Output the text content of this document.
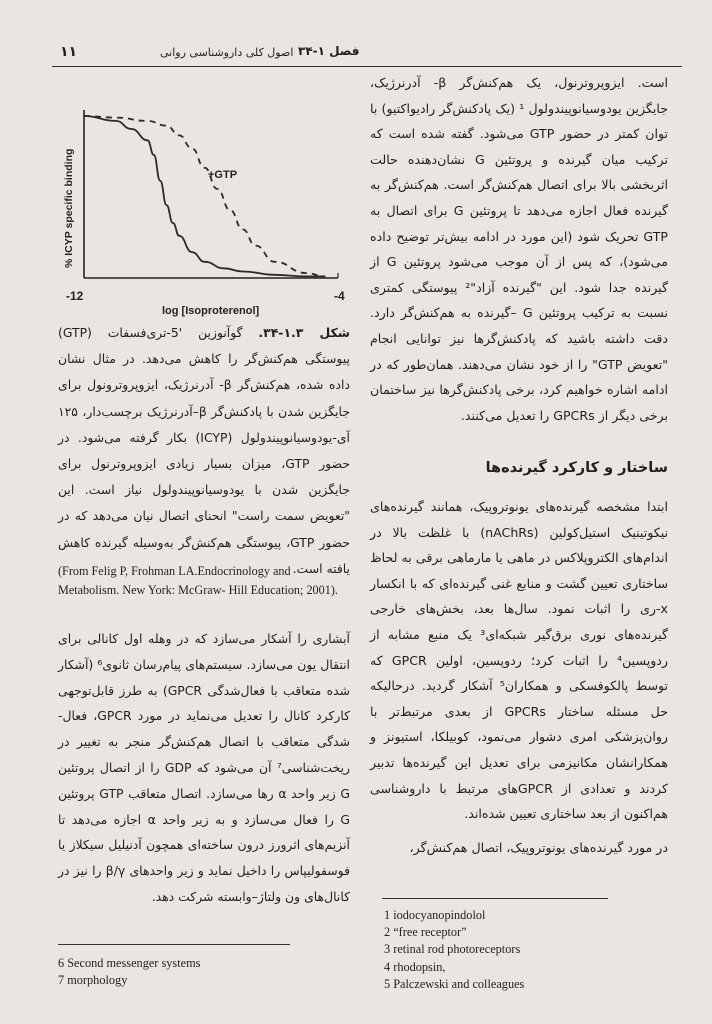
۱۱	اصول کلی داروشناسی روانی فصل ۱-۳۴
+GTP
-12	-4
log [Isoproterenol]
% ICYP specific binding

شکل ۱.۳-۳۴. گوآنوزین ‎5'‎-تری‌فسفات (GTP) پیوستگی هم‌کنش‌گر را کاهش می‌دهد. در مثال نشان داده شده، هم‌کنش‌گر β- آدرنرژیک، ایزوپروترونول برای جایگزین شدن با پادکنش‌گر β–آدرنرژیک برچسب‌دار، ۱۲۵ آی-یودوسیانوپیندولول (ICYP) بکار گرفته می‌شود. در حضور GTP، میزان بسیار زیادی ایزوپروترنول برای جایگزین شدن با یودوسیانوپیندولول نیاز است. این "تعویض سمت راست" انحنای اتصال نیان می‌دهد که در حضور GTP، پیوستگی هم‌کنش‌گر به‌وسیله گیرنده کاهش یافته است.

(From Felig P, Frohman LA.Endocrinology and
Metabolism. New York: McGraw- Hill Education; 2001).

آبشاری را آشکار می‌سازد که در وهله اول کانالی برای انتقال یون می‌سازد. سیستم‌های پیام‌رسان ثانوی⁶ (آشکار شده متعاقب با فعال‌شدگی GPCR) به طرز قابل‌توجهی کارکرد کانال را تعدیل می‌نماید در مورد GPCR، فعال-شدگی متعاقب با اتصال هم‌کنش‌گر منجر به تغییر در ریخت‌شناسی⁷ آن می‌شود که GDP را از اتصال پروتئین G زیر واحد α رها می‌سازد. اتصال متعاقب GTP پروتئین G را فعال می‌سازد و به زیر واحد α اجازه می‌دهد تا آنزیم‌های اثرورز درون ساخته‌ای همچون آدنیلیل سیکلاز یا فوسفولیپاس را داخیل نماید و زیر واحدهای β/γ را نیز در کانال‌های ون ولتاژ–وابسته شرکت دهد.

6 Second messenger systems
7 morphology

است. ایزوپروترنول، یک هم‌کنش‌گر β- آدرنرژیک، جایگزین یودوسیانوپیندولول ¹ (یک پادکنش‌گر رادیواکتیو) با توان کمتر در حضور GTP می‌شود. گفته شده است که ترکیب میان گیرنده و پروتئین G نشان‌دهنده حالت اثربخشی بالا برای اتصال هم‌کنش‌گر است. هم‌کنش‌گر به گیرنده فعال اجازه می‌دهد تا پروتئین G برای اتصال به GTP تحریک شود (این مورد در ادامه بیش‌تر توضیح داده می‌شود)، که پس از آن موجب می‌شود پروتئین G از گیرنده جدا شود. این "گیرنده آزاد"² پیوستگی کمتری نسبت به ترکیب پروتئین G –گیرنده به هم‌کنش‌گر دارد. دقت داشته باشید که پادکنش‌گرها نیز توانایی انجام "تعویض GTP" را از خود نشان می‌دهند. همان‌طور که در ادامه اشاره خواهیم کرد، برخی پادکنش‌گرها نیز ساختمان برخی دیگر از GPCRs را تعدیل می‌کنند.

ساختار و کارکرد گیرنده‌ها

ابتدا مشخصه گیرنده‌های یونوتروپیک، همانند گیرنده‌های نیکوتینیک استیل‌کولین (nAChRs) با غلظت بالا در اندام‌های الکتروپلاکس در ماهی یا مارماهی برقی به لحاظ ساختاری تعیین گشت و منابع غنی گیرنده‌ای که با انکسار x-ری را اثبات نمود. سال‌ها بعد، بخش‌های خارجی گیرنده‌های نوری برق‌گیر شبکه‌ای³ یک منبع مشابه از ردوپسین⁴ را اثبات کرد؛ ردوپسین، اولین GPCR که توسط پالکوفسکی و همکاران⁵ آشکار گردید. درحالیکه حل مسئله ساختار GPCRs از بعدی مرتبط‌تر با روان‌پزشکی امری دشوار می‌نمود، کوبیلکا، استیونز و همکارانشان مکانیزمی برای تعدیل این گیرنده‌ها تدبیر کردند و تعدادی از GPCRهای مرتبط با داروشناسی هم‌اکنون از بعد ساختاری تعیین شده‌اند.

در مورد گیرنده‌های یونوتروپیک، اتصال هم‌کنش‌گر،

1 iodocyanopindolol
2 “free receptor”
3 retinal rod photoreceptors
4 rhodopsin,
5 Palczewski and colleagues
